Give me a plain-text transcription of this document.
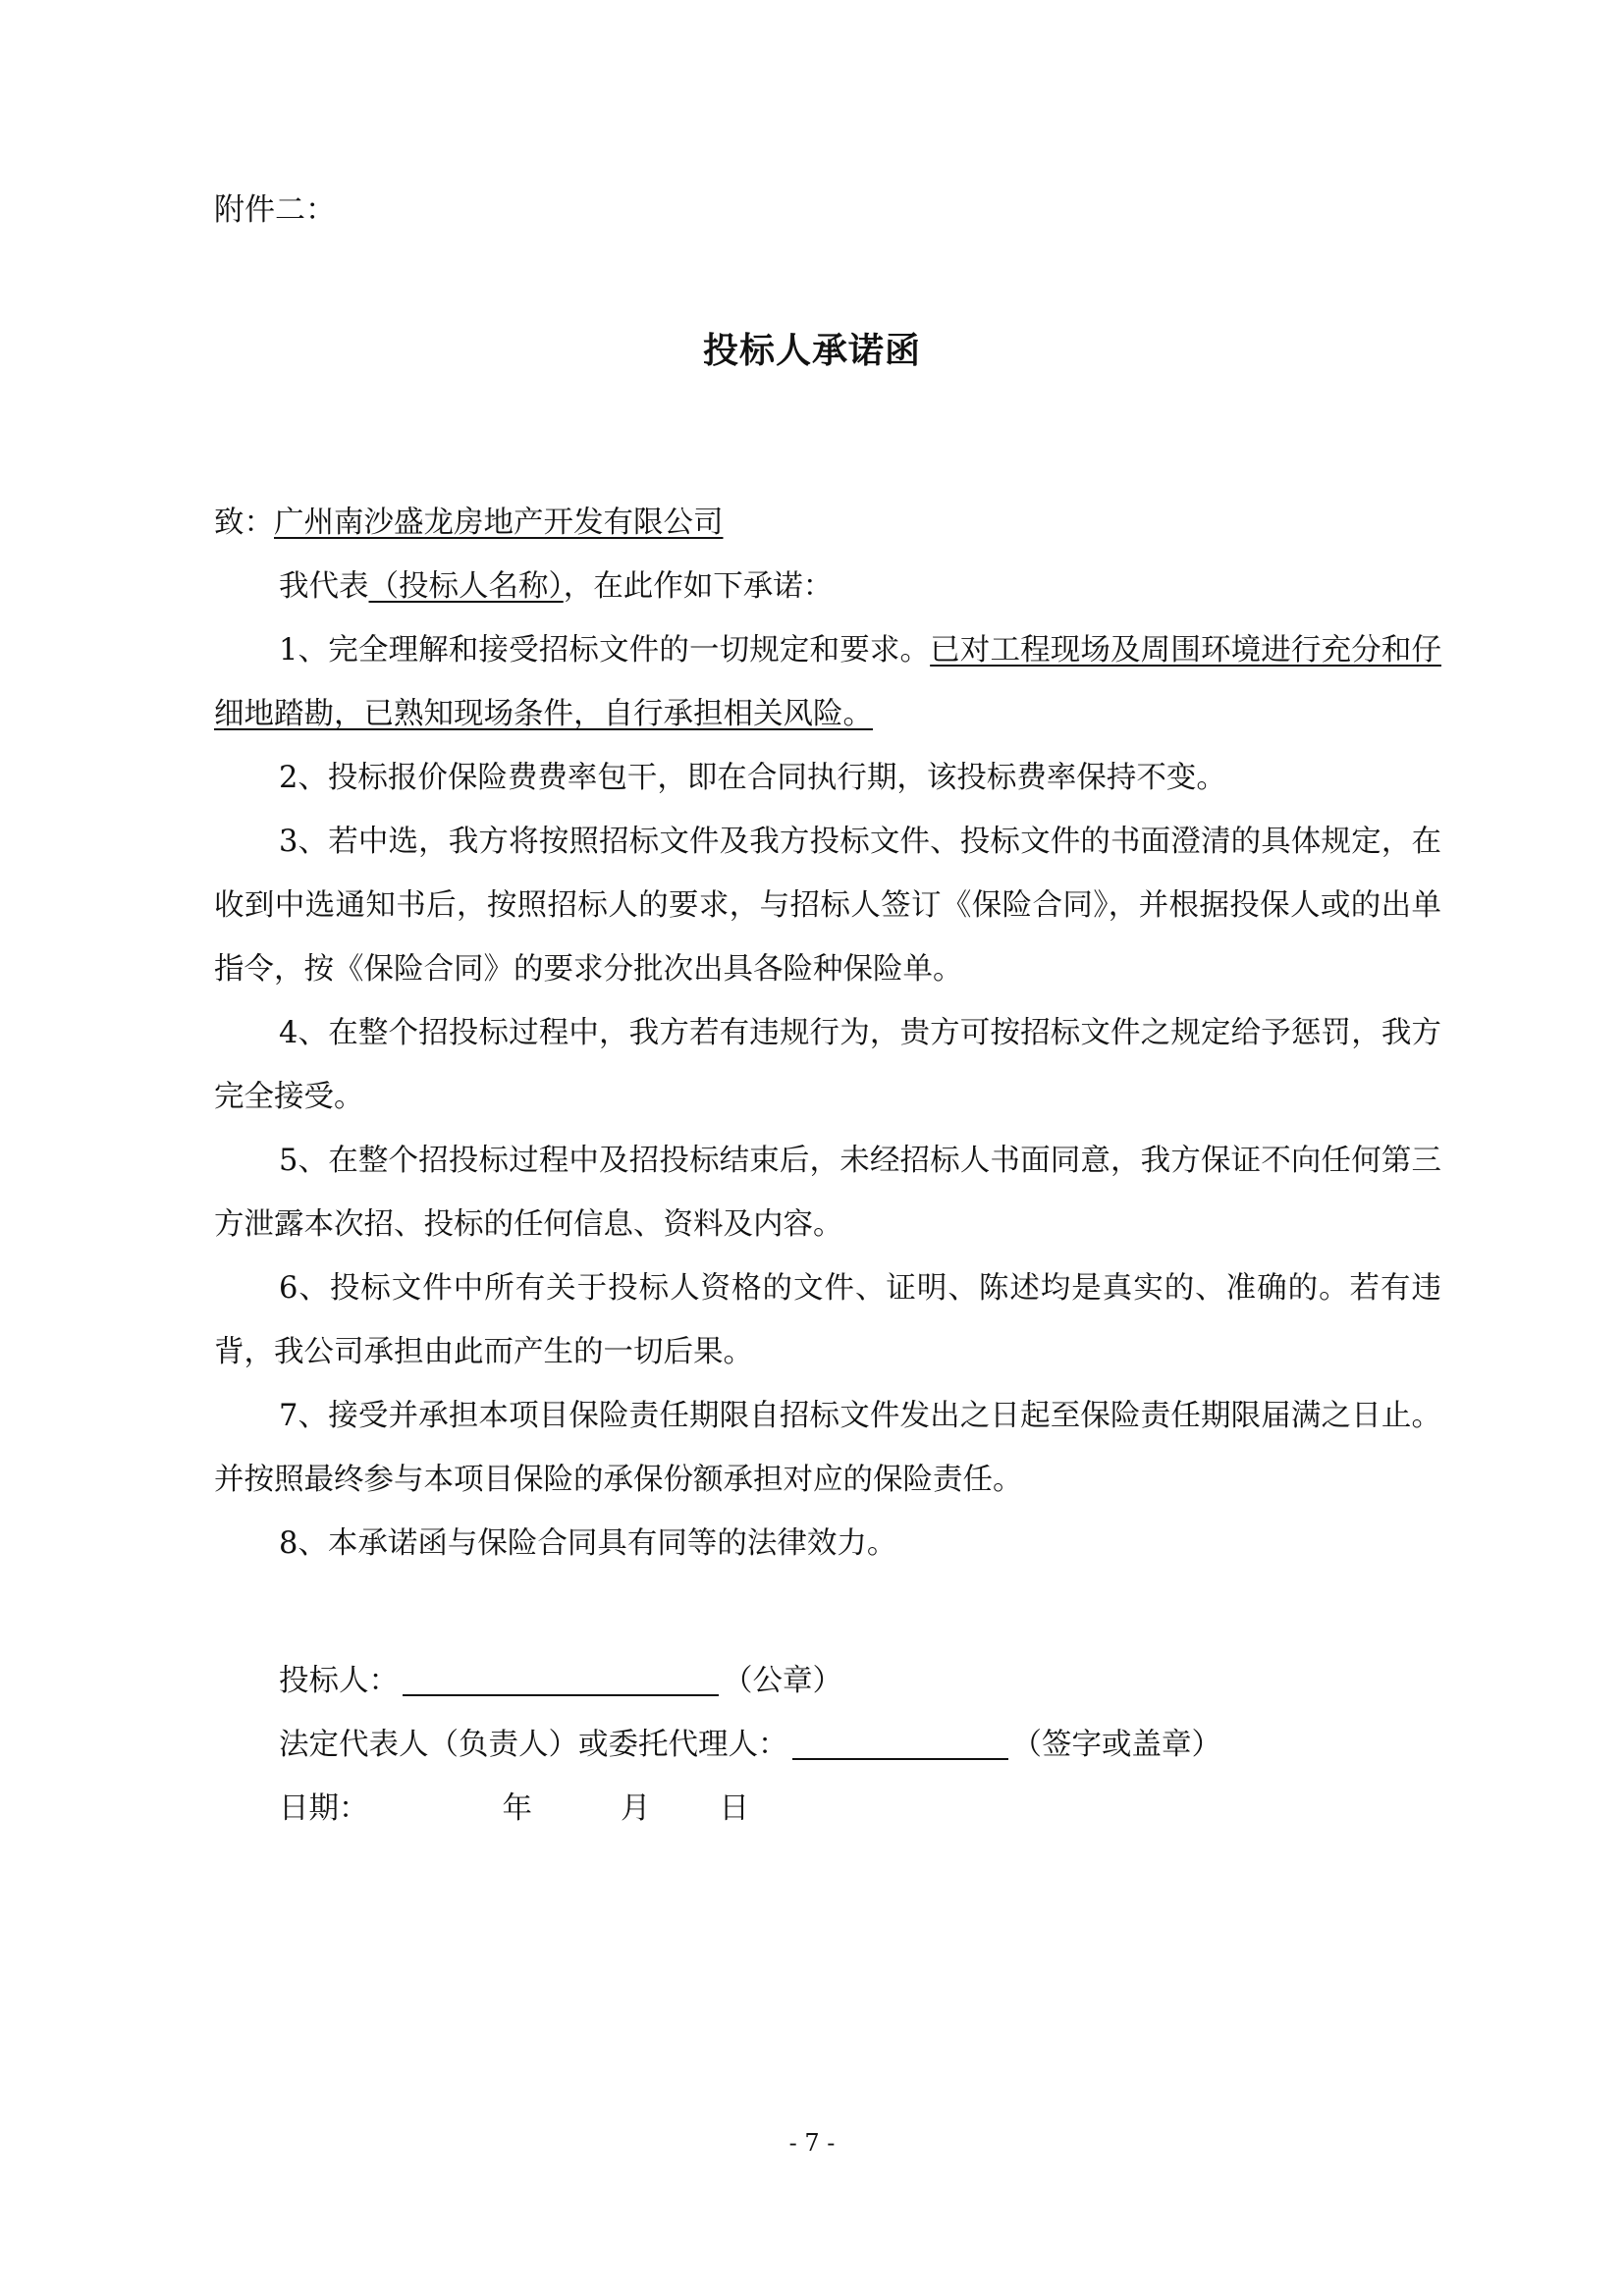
附件二：
投标人承诺函

致：广州南沙盛龙房地产开发有限公司

我代表（投标人名称），在此作如下承诺：

1、完全理解和接受招标文件的一切规定和要求。已对工程现场及周围环境进行充分和仔细地踏勘，已熟知现场条件，自行承担相关风险。

2、投标报价保险费费率包干，即在合同执行期，该投标费率保持不变。

3、若中选，我方将按照招标文件及我方投标文件、投标文件的书面澄清的具体规定，在收到中选通知书后，按照招标人的要求，与招标人签订《保险合同》，并根据投保人或的出单指令，按《保险合同》的要求分批次出具各险种保险单。

4、在整个招投标过程中，我方若有违规行为，贵方可按招标文件之规定给予惩罚，我方完全接受。

5、在整个招投标过程中及招投标结束后，未经招标人书面同意，我方保证不向任何第三方泄露本次招、投标的任何信息、资料及内容。

6、投标文件中所有关于投标人资格的文件、证明、陈述均是真实的、准确的。若有违背，我公司承担由此而产生的一切后果。

7、接受并承担本项目保险责任期限自招标文件发出之日起至保险责任期限届满之日止。并按照最终参与本项目保险的承保份额承担对应的保险责任。

8、本承诺函与保险合同具有同等的法律效力。

投标人：	（公章）
法定代表人（负责人）或委托代理人：	（签字或盖章）
日期：	年	月 日
- 7 -
